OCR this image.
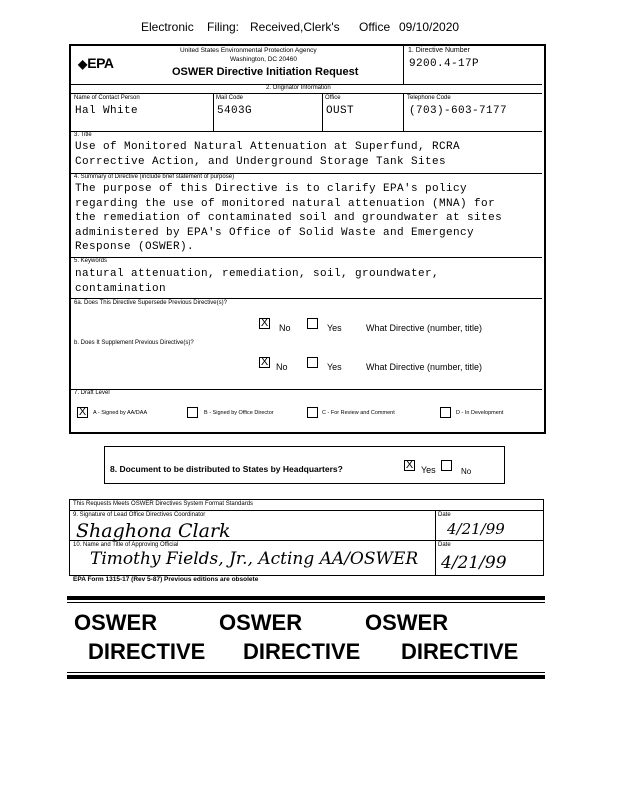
Electronic Filing: Received,Clerk's Office 09/10/2020
◆EPA
United States Environmental Protection Agency
Washington, DC 20460
OSWER Directive Initiation Request
1. Directive Number
9200.4-17P
2. Originator Information
Name of Contact Person
Hal White
Mail Code
5403G
Office
OUST
Telephone Code
(703)-603-7177
3. Title
Use of Monitored Natural Attenuation at Superfund, RCRA
Corrective Action, and Underground Storage Tank Sites
4. Summary of Directive (include brief statement of purpose)
The purpose of this Directive is to clarify EPA's policy
regarding the use of monitored natural attenuation (MNA) for
the remediation of contaminated soil and groundwater at sites
administered by EPA's Office of Solid Waste and Emergency
Response (OSWER).
5. Keywords
natural attenuation, remediation, soil, groundwater,
contamination
6a. Does This Directive Supersede Previous Directive(s)?
X No	Yes	What Directive (number, title)
b. Does It Supplement Previous Directive(s)?
X No	Yes	What Directive (number, title)
7. Draft Level
X A - Signed by AA/DAA	B - Signed by Office Director	C - For Review and Comment	D - In Development
8. Document to be distributed to States by Headquarters?	X Yes	No
This Requests Meets OSWER Directives System Format Standards
9. Signature of Lead Office Directives Coordinator	Date
Shaghona Clark	4/21/99
10. Name and Title of Approving Official	Date
Timothy Fields, Jr., Acting AA/OSWER 4/21/99
EPA Form 1315-17 (Rev 5-87) Previous editions are obsolete
OSWER	OSWER	OSWER
DIRECTIVE DIRECTIVE DIRECTIVE
